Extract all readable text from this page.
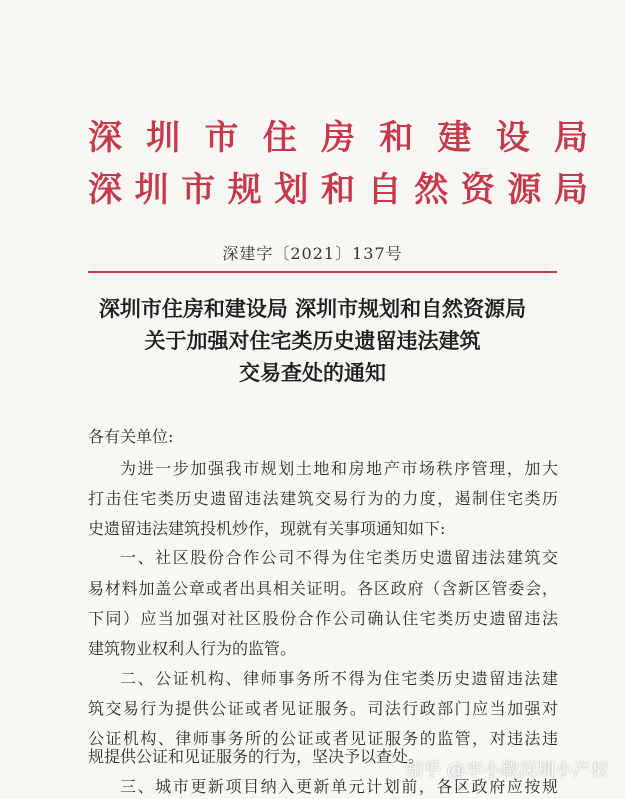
深圳市住房和建设局
深圳市规划和自然资源局
深建字〔2021〕137号
深圳市住房和建设局 深圳市规划和自然资源局
关于加强对住宅类历史遗留违法建筑
交易查处的通知
各有关单位:
为进一步加强我市规划土地和房地产市场秩序管理，加大
打击住宅类历史遗留违法建筑交易行为的力度，遏制住宅类历
史遗留违法建筑投机炒作，现就有关事项通知如下:
一、社区股份合作公司不得为住宅类历史遗留违法建筑交
易材料加盖公章或者出具相关证明。各区政府（含新区管委会，
下同）应当加强对社区股份合作公司确认住宅类历史遗留违法
建筑物业权利人行为的监管。
二、公证机构、律师事务所不得为住宅类历史遗留违法建
筑交易行为提供公证或者见证服务。司法行政部门应当加强对
公证机构、律师事务所的公证或者见证服务的监管，对违法违
规提供公证和见证服务的行为，坚决予以查处。
三、城市更新项目纳入更新单元计划前，各区政府应按规
知乎 @李小微深圳小产权
